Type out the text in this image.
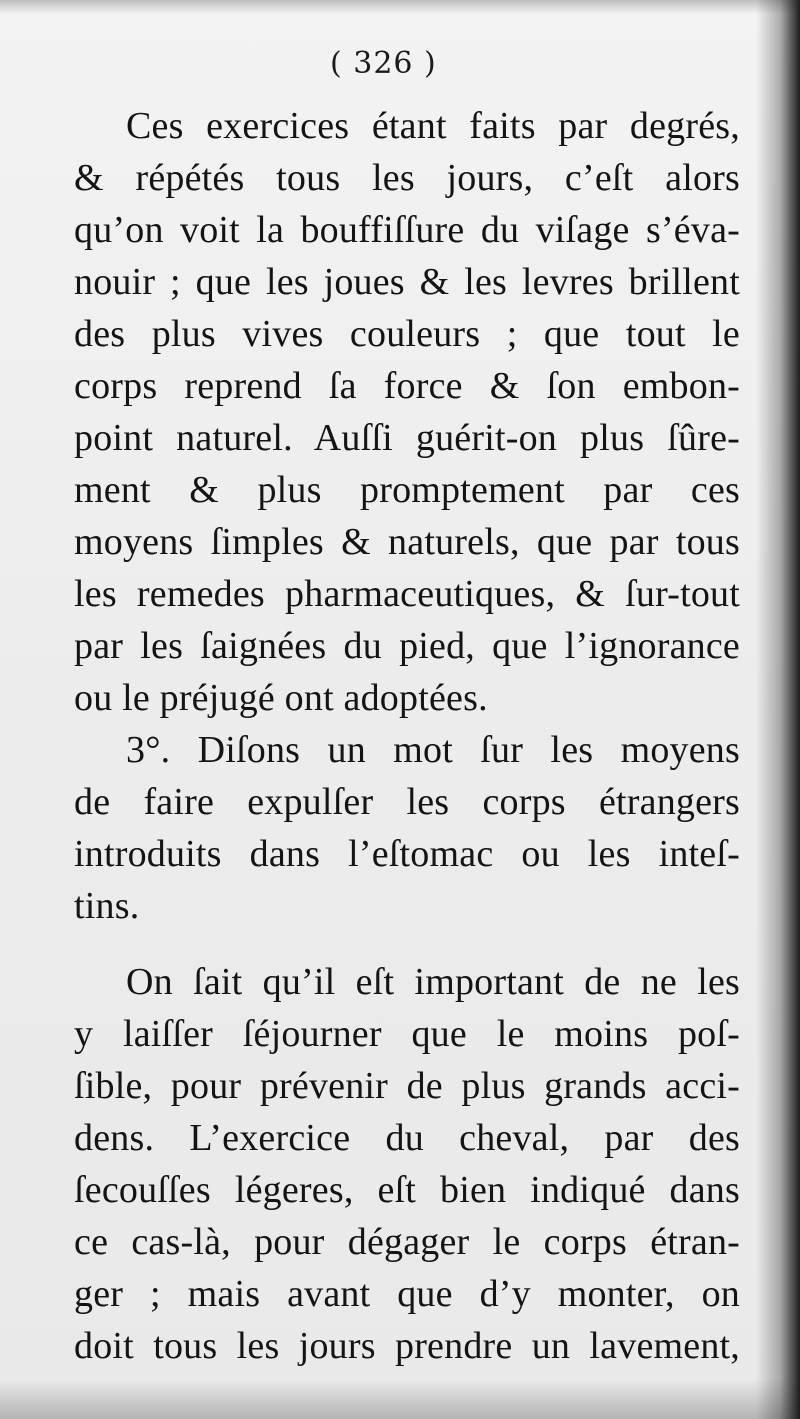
( 326 )
Ces exercices étant faits par degrés,
& répétés tous les jours, c’eſt alors
qu’on voit la bouffiſſure du viſage s’éva-
nouir ; que les joues & les levres brillent
des plus vives couleurs ; que tout le
corps reprend ſa force & ſon embon-
point naturel. Auſſi guérit-on plus ſûre-
ment & plus promptement par ces
moyens ſimples & naturels, que par tous
les remedes pharmaceutiques, & ſur-tout
par les ſaignées du pied, que l’ignorance
ou le préjugé ont adoptées.
3°. Diſons un mot ſur les moyens
de faire expulſer les corps étrangers
introduits dans l’eſtomac ou les inteſ-
tins.
On ſait qu’il eſt important de ne les
y laiſſer ſéjourner que le moins poſ-
ſible, pour prévenir de plus grands acci-
dens. L’exercice du cheval, par des
ſecouſſes légeres, eſt bien indiqué dans
ce cas-là, pour dégager le corps étran-
ger ; mais avant que d’y monter, on
doit tous les jours prendre un lavement,
